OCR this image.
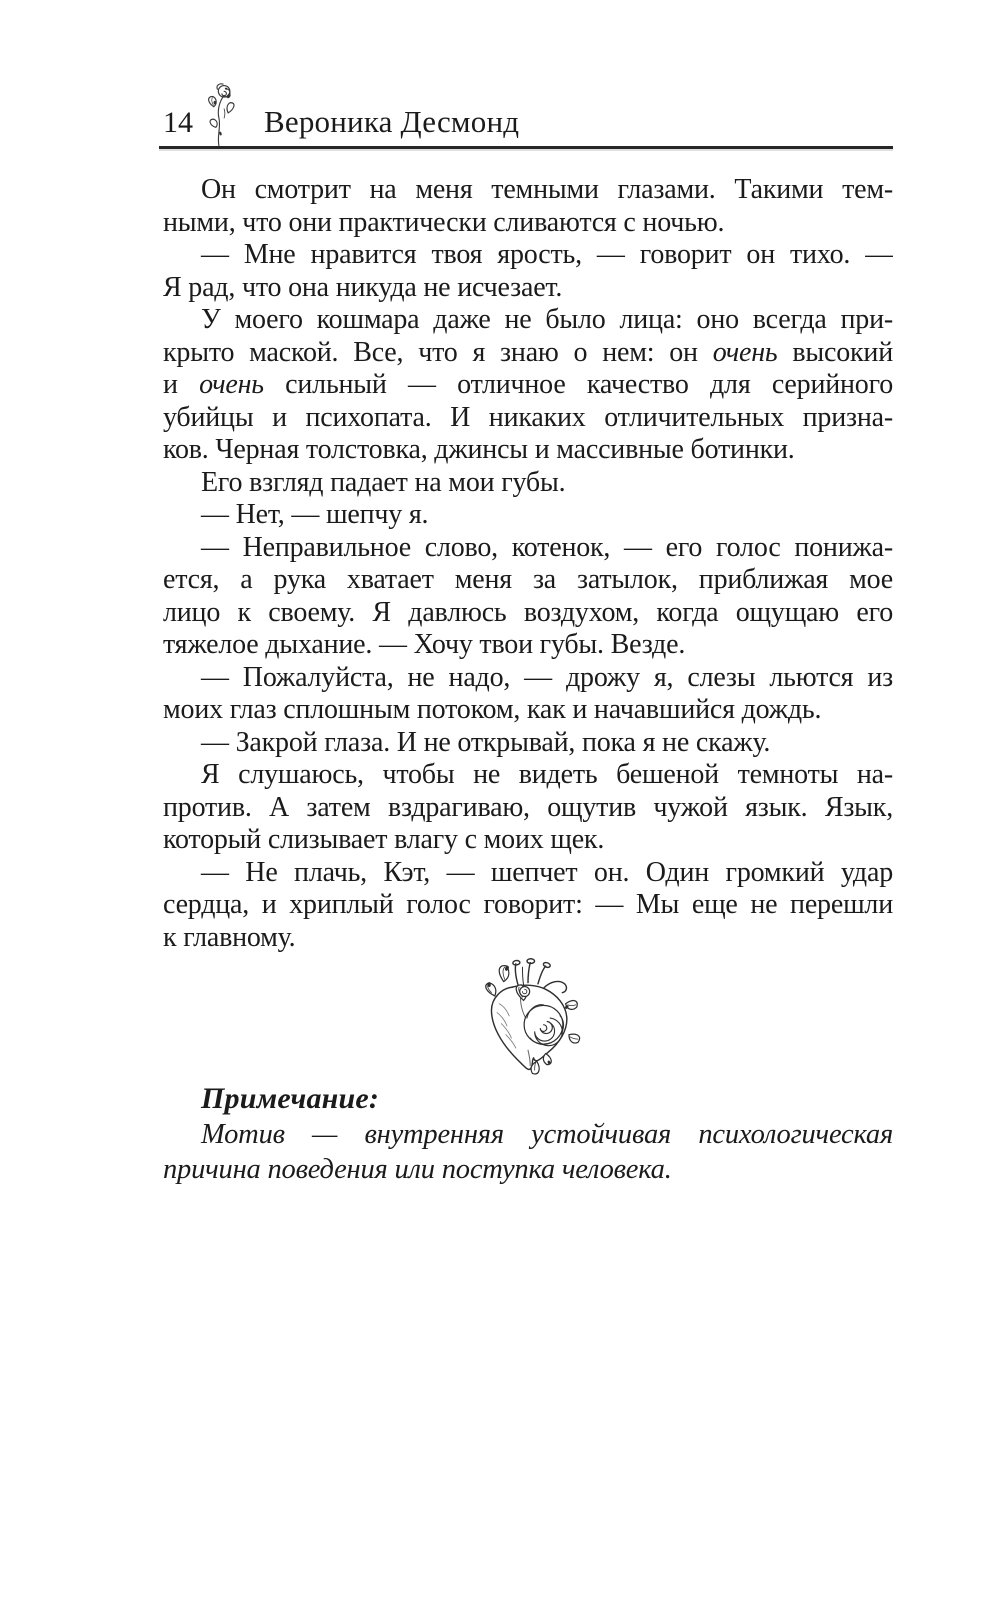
14 Вероника Десмонд
Он смотрит на меня темными глазами. Такими тем-
ными, что они практически сливаются с ночью.
— Мне нравится твоя ярость, — говорит он тихо. —
Я рад, что она никуда не исчезает.
У моего кошмара даже не было лица: оно всегда при-
крыто маской. Все, что я знаю о нем: он очень высокий
и очень сильный — отличное качество для серийного
убийцы и психопата. И никаких отличительных призна-
ков. Черная толстовка, джинсы и массивные ботинки.
Его взгляд падает на мои губы.
— Нет, — шепчу я.
— Неправильное слово, котенок, — его голос понижа-
ется, а рука хватает меня за затылок, приближая мое
лицо к своему. Я давлюсь воздухом, когда ощущаю его
тяжелое дыхание. — Хочу твои губы. Везде.
— Пожалуйста, не надо, — дрожу я, слезы льются из
моих глаз сплошным потоком, как и начавшийся дождь.
— Закрой глаза. И не открывай, пока я не скажу.
Я слушаюсь, чтобы не видеть бешеной темноты на-
против. А затем вздрагиваю, ощутив чужой язык. Язык,
который слизывает влагу с моих щек.
— Не плачь, Кэт, — шепчет он. Один громкий удар
сердца, и хриплый голос говорит: — Мы еще не перешли
к главному.
Примечание:
Мотив — внутренняя устойчивая психологическая
причина поведения или поступка человека.
